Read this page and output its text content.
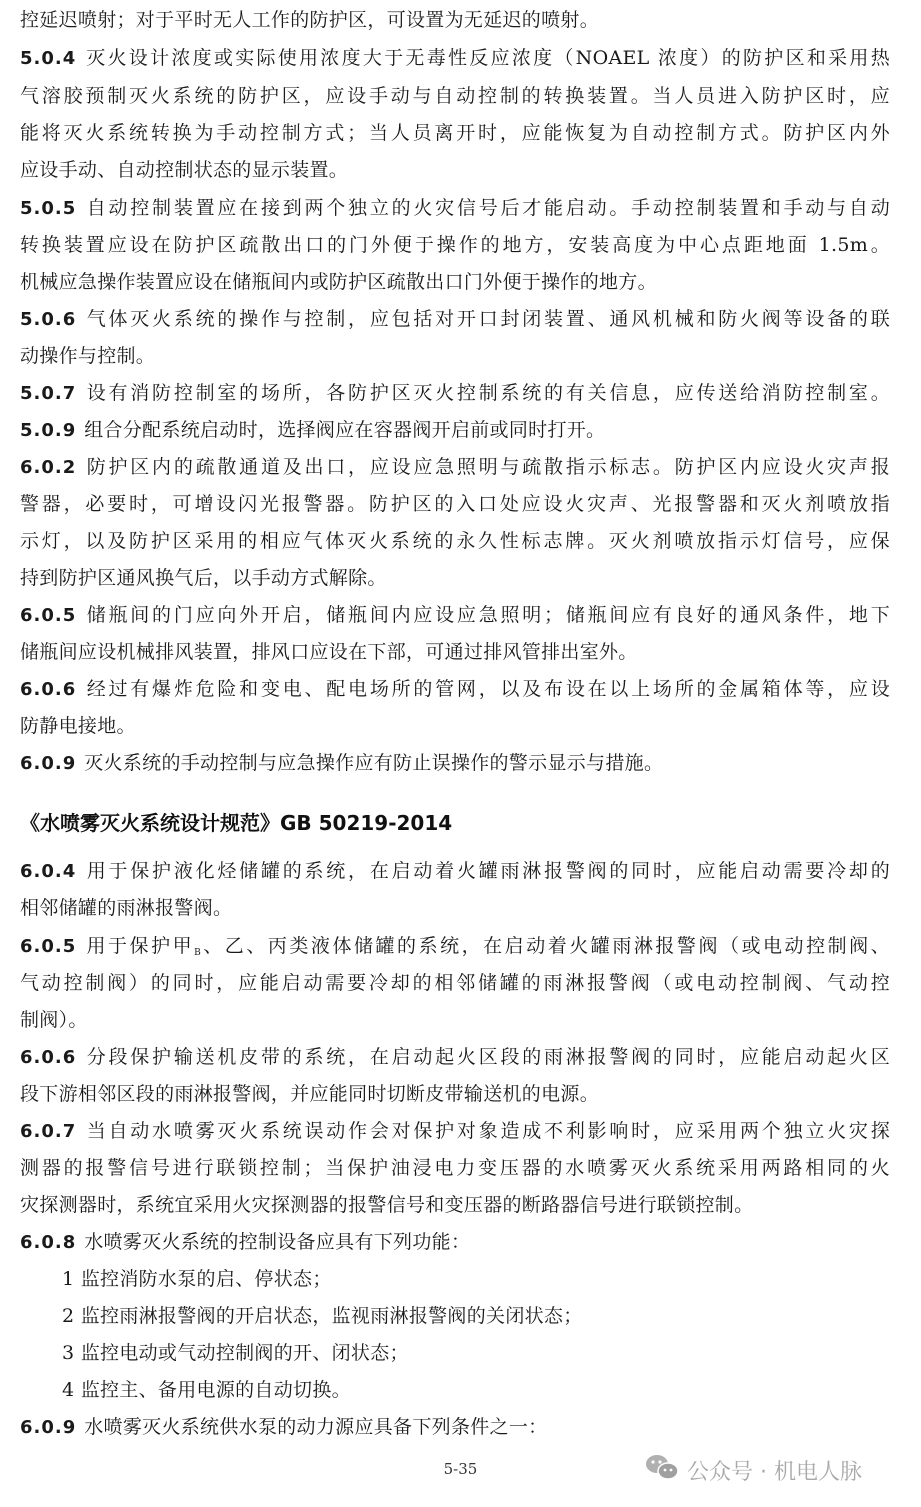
控延迟喷射；对于平时无人工作的防护区，可设置为无延迟的喷射。
5.0.4 灭火设计浓度或实际使用浓度大于无毒性反应浓度（NOAEL 浓度）的防护区和采用热
气溶胶预制灭火系统的防护区，应设手动与自动控制的转换装置。当人员进入防护区时，应
能将灭火系统转换为手动控制方式；当人员离开时，应能恢复为自动控制方式。防护区内外
应设手动、自动控制状态的显示装置。
5.0.5 自动控制装置应在接到两个独立的火灾信号后才能启动。手动控制装置和手动与自动
转换装置应设在防护区疏散出口的门外便于操作的地方，安装高度为中心点距地面 1.5m。
机械应急操作装置应设在储瓶间内或防护区疏散出口门外便于操作的地方。
5.0.6 气体灭火系统的操作与控制，应包括对开口封闭装置、通风机械和防火阀等设备的联
动操作与控制。
5.0.7 设有消防控制室的场所，各防护区灭火控制系统的有关信息，应传送给消防控制室。
5.0.9 组合分配系统启动时，选择阀应在容器阀开启前或同时打开。
6.0.2 防护区内的疏散通道及出口，应设应急照明与疏散指示标志。防护区内应设火灾声报
警器，必要时，可增设闪光报警器。防护区的入口处应设火灾声、光报警器和灭火剂喷放指
示灯，以及防护区采用的相应气体灭火系统的永久性标志牌。灭火剂喷放指示灯信号，应保
持到防护区通风换气后，以手动方式解除。
6.0.5 储瓶间的门应向外开启，储瓶间内应设应急照明；储瓶间应有良好的通风条件，地下
储瓶间应设机械排风装置，排风口应设在下部，可通过排风管排出室外。
6.0.6 经过有爆炸危险和变电、配电场所的管网，以及布设在以上场所的金属箱体等，应设
防静电接地。
6.0.9 灭火系统的手动控制与应急操作应有防止误操作的警示显示与措施。
《水喷雾灭火系统设计规范》GB 50219-2014
6.0.4 用于保护液化烃储罐的系统，在启动着火罐雨淋报警阀的同时，应能启动需要冷却的
相邻储罐的雨淋报警阀。
6.0.5 用于保护甲$_B$、乙、丙类液体储罐的系统，在启动着火罐雨淋报警阀（或电动控制阀、
气动控制阀）的同时，应能启动需要冷却的相邻储罐的雨淋报警阀（或电动控制阀、气动控
制阀）。
6.0.6 分段保护输送机皮带的系统，在启动起火区段的雨淋报警阀的同时，应能启动起火区
段下游相邻区段的雨淋报警阀，并应能同时切断皮带输送机的电源。
6.0.7 当自动水喷雾灭火系统误动作会对保护对象造成不利影响时，应采用两个独立火灾探
测器的报警信号进行联锁控制；当保护油浸电力变压器的水喷雾灭火系统采用两路相同的火
灾探测器时，系统宜采用火灾探测器的报警信号和变压器的断路器信号进行联锁控制。
6.0.8 水喷雾灭火系统的控制设备应具有下列功能：
1 监控消防水泵的启、停状态；
2 监控雨淋报警阀的开启状态，监视雨淋报警阀的关闭状态；
3 监控电动或气动控制阀的开、闭状态；
4 监控主、备用电源的自动切换。
6.0.9 水喷雾灭火系统供水泵的动力源应具备下列条件之一：
5-35	公众号 · 机电人脉
